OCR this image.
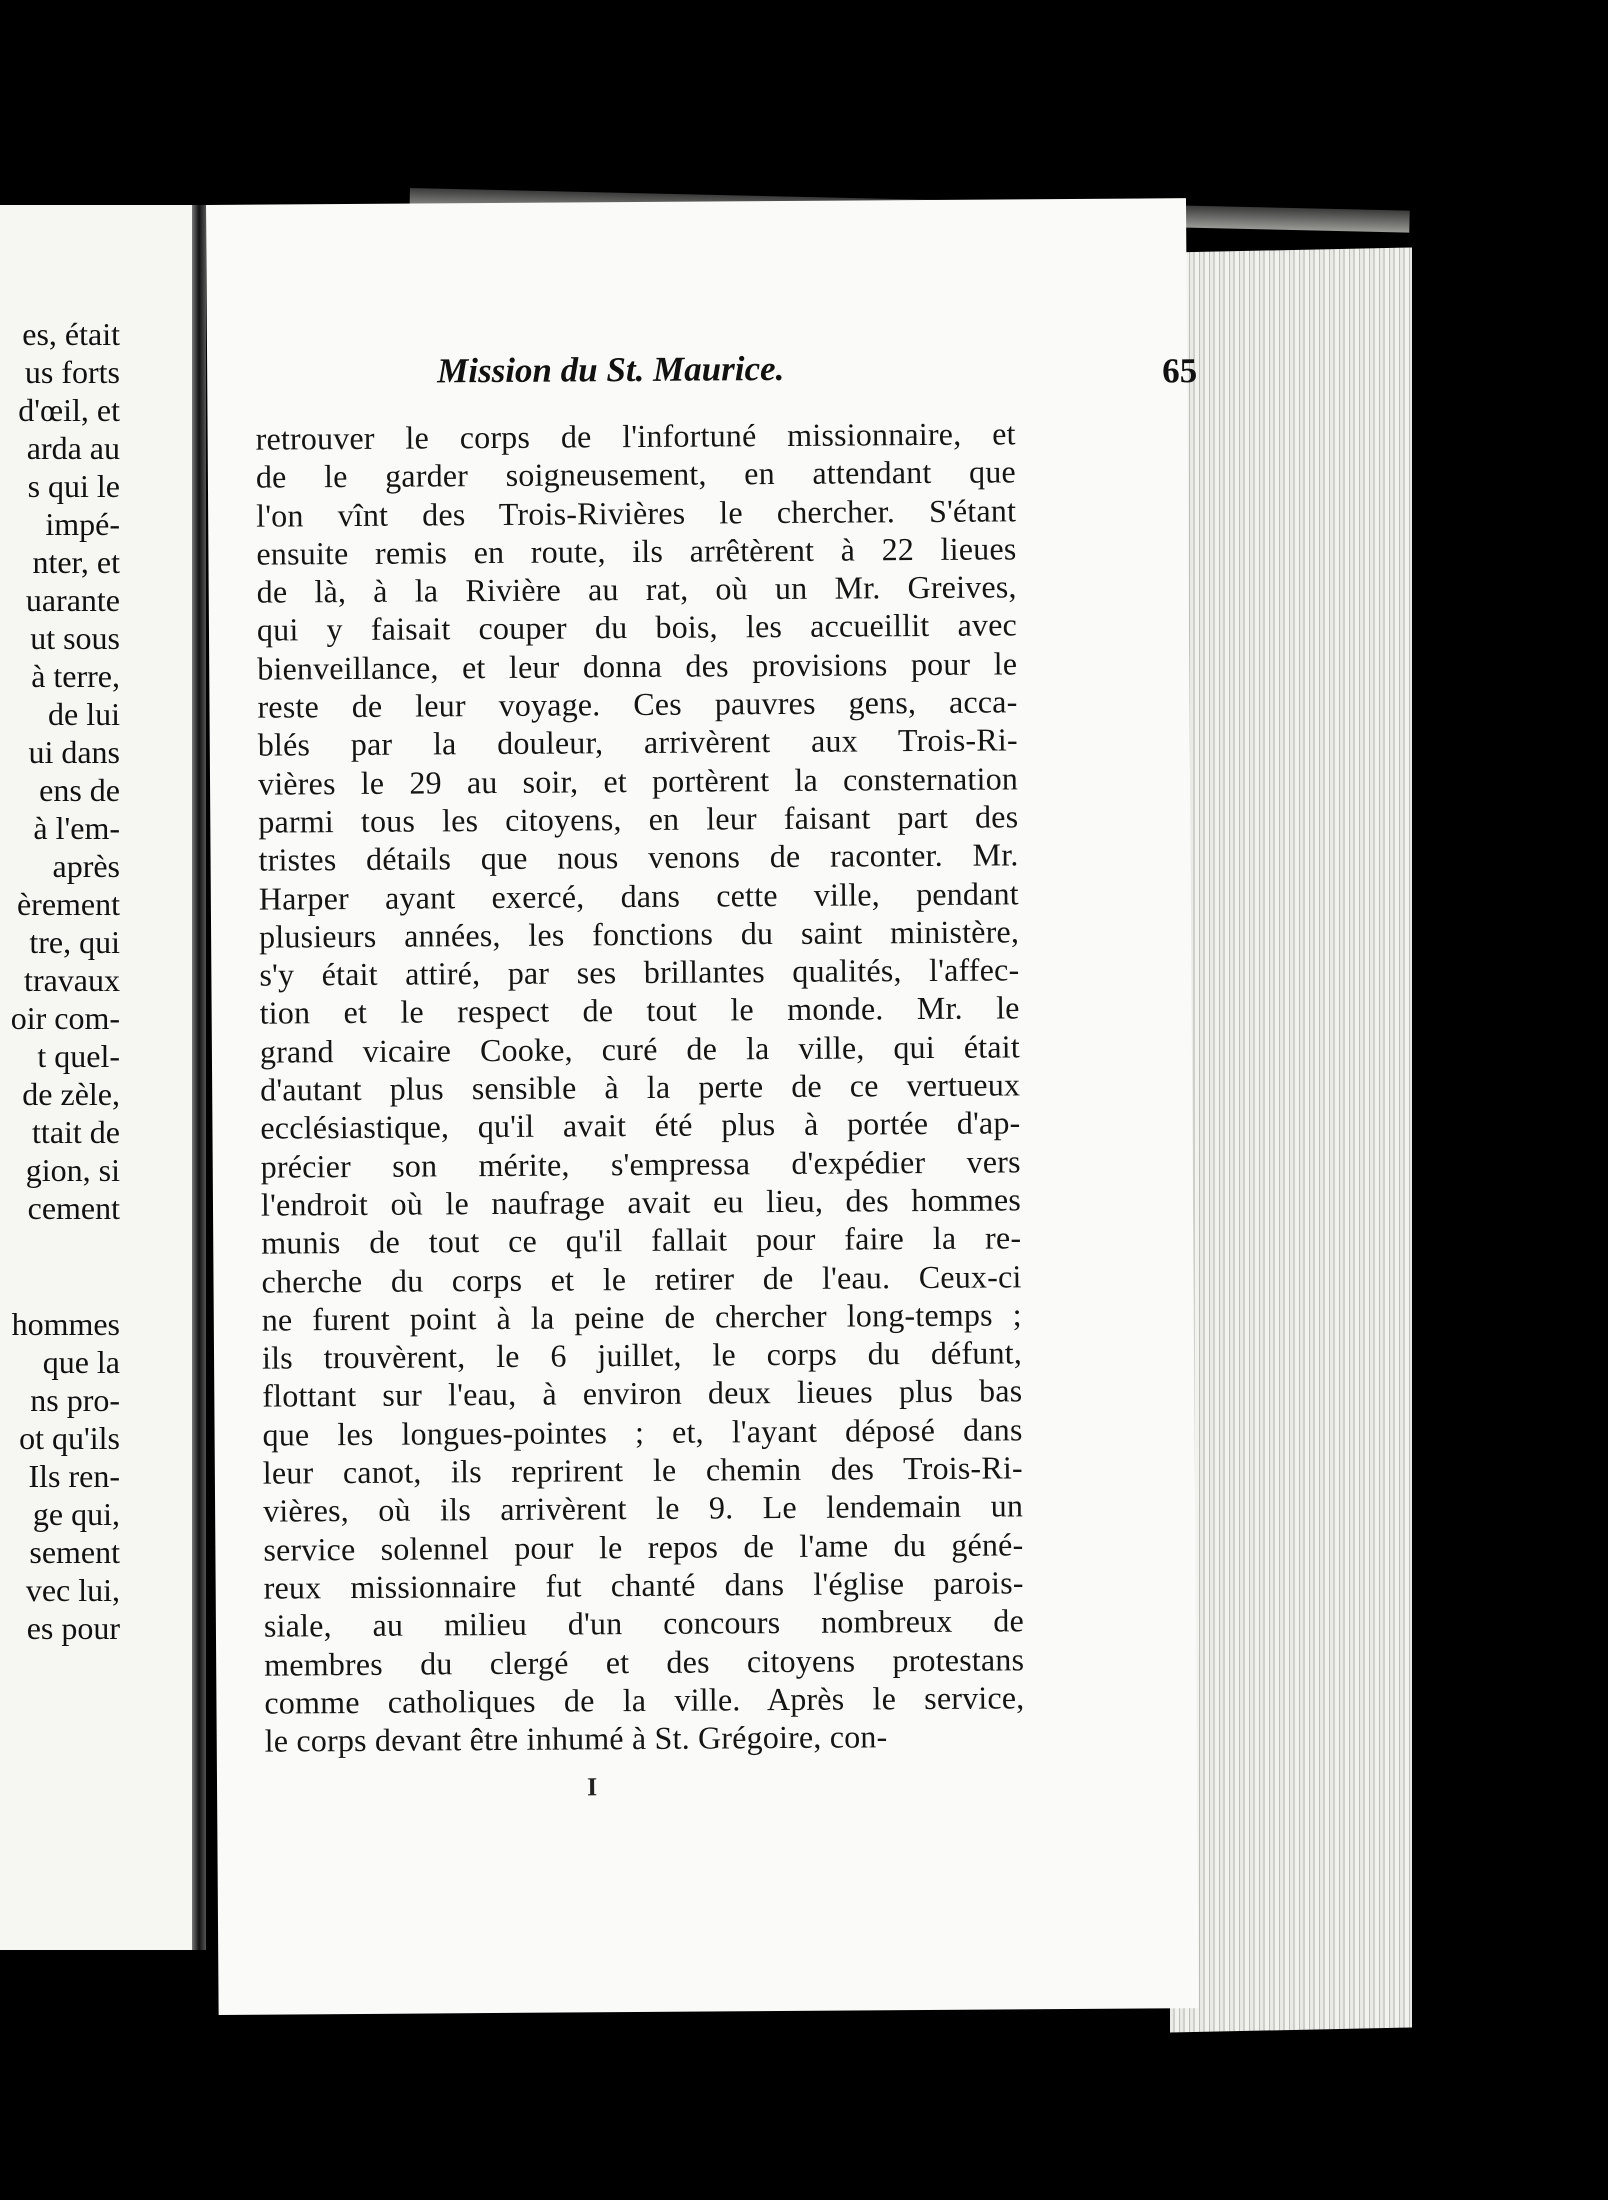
es, était
us forts
d'œil, et
arda au
s qui le
impé-
nter, et
uarante
ut sous
à terre,
de lui
ui dans
ens de
à l'em-
après
èrement
tre, qui
travaux
oir com-
t quel-
de zèle,
ttait de
gion, si
cement
hommes
que la
ns pro-
ot qu'ils
Ils ren-
ge qui,
sement
vec lui,
es pour
Mission du St. Maurice.	65
retrouver le corps de l'infortuné missionnaire, et
de le garder soigneusement, en attendant que
l'on vînt des Trois-Rivières le chercher. S'étant
ensuite remis en route, ils arrêtèrent à 22 lieues
de là, à la Rivière au rat, où un Mr. Greives,
qui y faisait couper du bois, les accueillit avec
bienveillance, et leur donna des provisions pour le
reste de leur voyage. Ces pauvres gens, acca-
blés par la douleur, arrivèrent aux Trois-Ri-
vières le 29 au soir, et portèrent la consternation
parmi tous les citoyens, en leur faisant part des
tristes détails que nous venons de raconter. Mr.
Harper ayant exercé, dans cette ville, pendant
plusieurs années, les fonctions du saint ministère,
s'y était attiré, par ses brillantes qualités, l'affec-
tion et le respect de tout le monde. Mr. le
grand vicaire Cooke, curé de la ville, qui était
d'autant plus sensible à la perte de ce vertueux
ecclésiastique, qu'il avait été plus à portée d'ap-
précier son mérite, s'empressa d'expédier vers
l'endroit où le naufrage avait eu lieu, des hommes
munis de tout ce qu'il fallait pour faire la re-
cherche du corps et le retirer de l'eau. Ceux-ci
ne furent point à la peine de chercher long-temps ;
ils trouvèrent, le 6 juillet, le corps du défunt,
flottant sur l'eau, à environ deux lieues plus bas
que les longues-pointes ; et, l'ayant déposé dans
leur canot, ils reprirent le chemin des Trois-Ri-
vières, où ils arrivèrent le 9. Le lendemain un
service solennel pour le repos de l'ame du géné-
reux missionnaire fut chanté dans l'église parois-
siale, au milieu d'un concours nombreux de
membres du clergé et des citoyens protestans
comme catholiques de la ville. Après le service,
le corps devant être inhumé à St. Grégoire, con-
I
